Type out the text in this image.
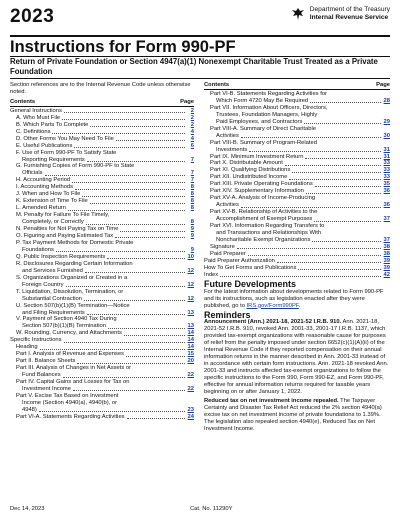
2023	Department of the Treasury
Internal Revenue Service
Instructions for Form 990-PF

Return of Private Foundation or Section 4947(a)(1) Nonexempt Charitable Trust Treated as a Private Foundation

Section references are to the Internal Revenue Code unless otherwise noted.

Contents	Page
General Instructions	2
A. Who Must File	2
B. Which Parts To Complete	2
C. Definitions	4
D. Other Forms You May Need To File	4
E. Useful Publications	6
F. Use of Form 990-PF To Satisfy State
Reporting Requirements	7
G. Furnishing Copies of Form 990-PF to State
Officials	7
H. Accounting Period	7
I. Accounting Methods	8
J. When and How To File	8
K. Extension of Time To File	8
L. Amended Return	8
M. Penalty for Failure To File Timely,
Completely, or Correctly	8
N. Penalties for Not Paying Tax on Time	9
O. Figuring and Paying Estimated Tax	9
P. Tax Payment Methods for Domestic Private
Foundations	9
Q. Public Inspection Requirements	10
R. Disclosures Regarding Certain Information
and Services Furnished	12
S. Organizations Organized or Created in a
Foreign Country	12
T. Liquidation, Dissolution, Termination, or
Substantial Contraction	12
U. Section 507(b)(1)(B) Termination—Notice
and Filing Requirements	13
V. Payment of Section 4940 Tax During
Section 507(b)(1)(B) Termination	13
W. Rounding, Currency, and Attachments	14
Specific Instructions	14
Heading	14
Part I. Analysis of Revenue and Expenses	15
Part II. Balance Sheets	20
Part III. Analysis of Changes in Net Assets or
Fund Balances	22
Part IV. Capital Gains and Losses for Tax on
Investment Income	22
Part V. Excise Tax Based on Investment
Income (Section 4940(a), 4940(b), or
4948)	23
Part VI-A. Statements Regarding Activities	24
Contents	Page
Part VI-B. Statements Regarding Activities for
Which Form 4720 May Be Required	28
Part VII. Information About Officers, Directors,
Trustees, Foundation Managers, Highly
Paid Employees, and Contractors	29
Part VIII-A. Summary of Direct Charitable
Activities	30
Part VIII-B. Summary of Program-Related
Investments	31
Part IX. Minimum Investment Return	31
Part X. Distributable Amount	33
Part XI. Qualifying Distributions	33
Part XII. Undistributed Income	33
Part XIII. Private Operating Foundations	35
Part XIV. Supplementary Information	36
Part XV-A. Analysis of Income-Producing
Activities	36
Part XV-B. Relationship of Activities to the
Accomplishment of Exempt Purposes	37
Part XVI. Information Regarding Transfers to
and Transactions and Relationships With
Noncharitable Exempt Organizations	37
Signature	38
Paid Preparer	38
Paid Preparer Authorization	39
How To Get Forms and Publications	39
Index	42
Future Developments

For the latest information about developments related to Form 990-PF and its instructions, such as legislation enacted after they were published, go to IRS.gov/Form990PF.

Reminders

Announcement (Ann.) 2021-18, 2021-52 I.R.B. 910. Ann. 2021-18, 2021-52 I.R.B. 910, revoked Ann. 2001-33, 2001-17 I.R.B. 1137, which provided tax-exempt organizations with reasonable cause for purposes of relief from the penalty imposed under section 6652(c)(1)(A)(ii) of the Internal Revenue Code if they reported compensation on their annual information returns in the manner described in Ann. 2001-33 instead of in accordance with certain form instructions. Ann. 2021-18 revoked Ann. 2001-33 and instructs affected tax-exempt organizations to follow the specific instructions to the Form 990, Form 990-EZ, and Form 990-PF, effective for annual information returns required for taxable years beginning on or after January 1, 2022.

Reduced tax on net investment income repealed. The Taxpayer Certainty and Disaster Tax Relief Act reduced the 2% section 4940(a) excise tax on net investment income of private foundations to 1.39%. The legislation also repealed section 4940(e), Reduced Tax on Net Investment Income.

Dec 14, 2023	Cat. No. 11290Y
